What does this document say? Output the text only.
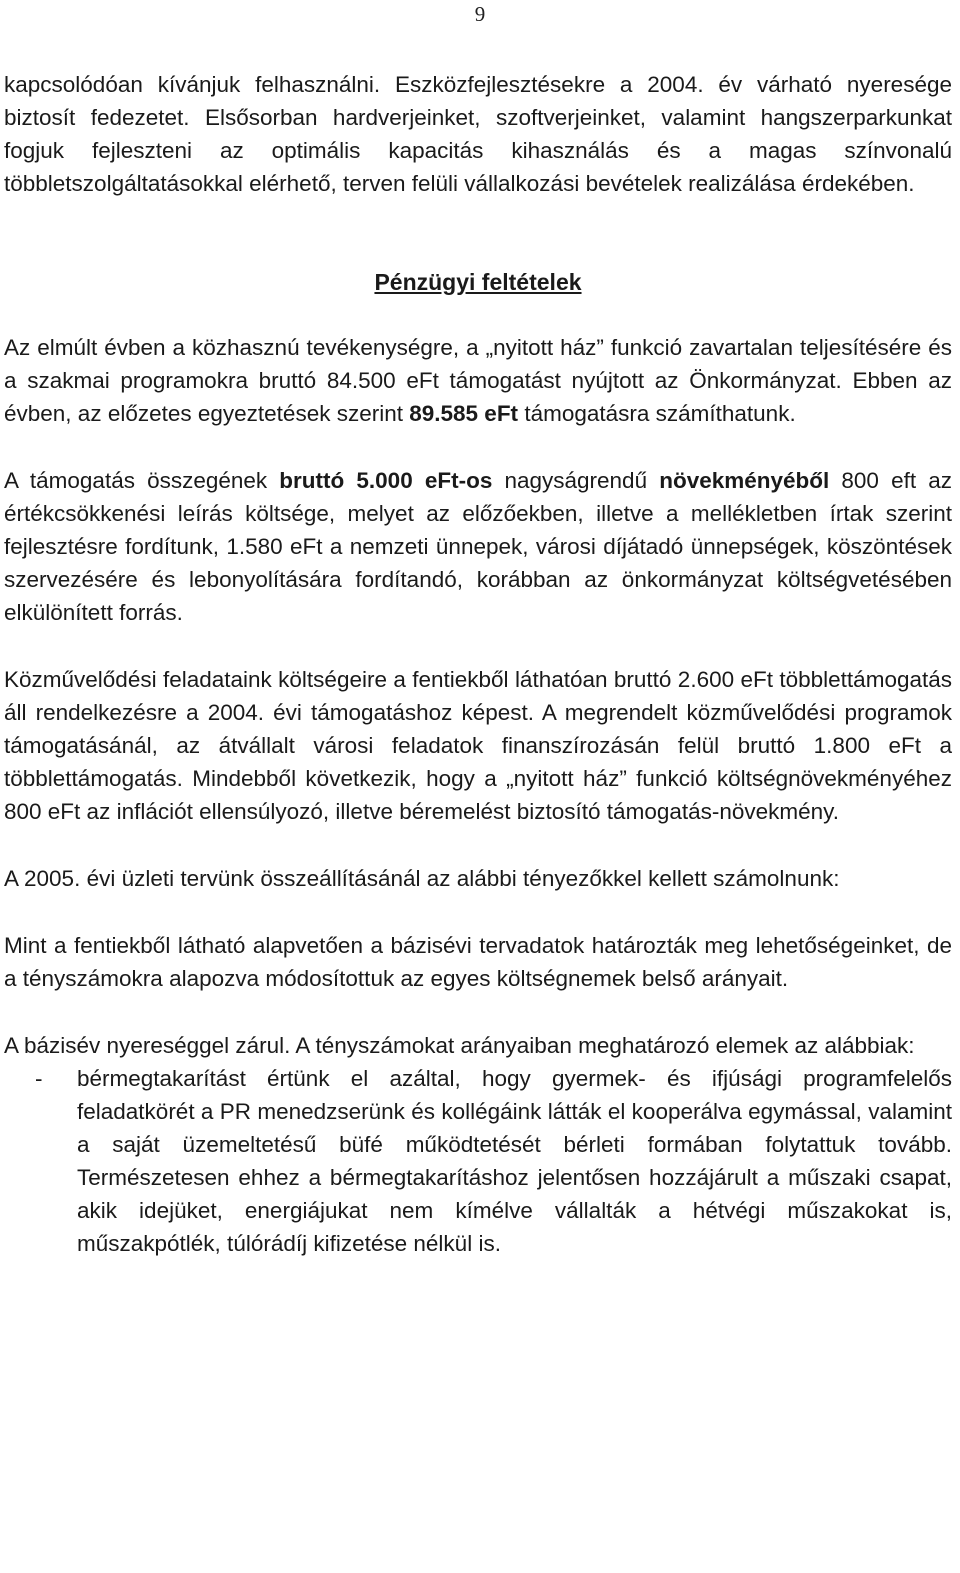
9

kapcsolódóan kívánjuk felhasználni. Eszközfejlesztésekre a 2004. év várható nyeresége biztosít fedezetet. Elsősorban hardverjeinket, szoftverjeinket, valamint hangszerparkunkat fogjuk fejleszteni az optimális kapacitás kihasználás és a magas színvonalú többletszolgáltatásokkal elérhető, terven felüli vállalkozási bevételek realizálása érdekében.

Pénzügyi feltételek

Az elmúlt évben a közhasznú tevékenységre, a „nyitott ház” funkció zavartalan teljesítésére és a szakmai programokra bruttó 84.500 eFt támogatást nyújtott az Önkormányzat. Ebben az évben, az előzetes egyeztetések szerint 89.585 eFt támogatásra számíthatunk.

A támogatás összegének bruttó 5.000 eFt-os nagyságrendű növekményéből 800 eft az értékcsökkenési leírás költsége, melyet az előzőekben, illetve a mellékletben írtak szerint fejlesztésre fordítunk, 1.580 eFt a nemzeti ünnepek, városi díjátadó ünnepségek, köszöntések szervezésére és lebonyolítására fordítandó, korábban az önkormányzat költségvetésében elkülönített forrás.

Közművelődési feladataink költségeire a fentiekből láthatóan bruttó 2.600 eFt többlettámogatás áll rendelkezésre a 2004. évi támogatáshoz képest. A megrendelt közművelődési programok támogatásánál, az átvállalt városi feladatok finanszírozásán felül bruttó 1.800 eFt a többlettámogatás. Mindebből következik, hogy a „nyitott ház” funkció költségnövekményéhez 800 eFt az inflációt ellensúlyozó, illetve béremelést biztosító támogatás-növekmény.

A 2005. évi üzleti tervünk összeállításánál az alábbi tényezőkkel kellett számolnunk:

Mint a fentiekből látható alapvetően a bázisévi tervadatok határozták meg lehetőségeinket, de a tényszámokra alapozva módosítottuk az egyes költségnemek belső arányait.

A bázisév nyereséggel zárul. A tényszámokat arányaiban meghatározó elemek az alábbiak:

- bérmegtakarítást értünk el azáltal, hogy gyermek- és ifjúsági programfelelős feladatkörét a PR menedzserünk és kollégáink látták el kooperálva egymással, valamint a saját üzemeltetésű büfé működtetését bérleti formában folytattuk tovább. Természetesen ehhez a bérmegtakarításhoz jelentősen hozzájárult a műszaki csapat, akik idejüket, energiájukat nem kímélve vállalták a hétvégi műszakokat is, műszakpótlék, túlórádíj kifizetése nélkül is.
